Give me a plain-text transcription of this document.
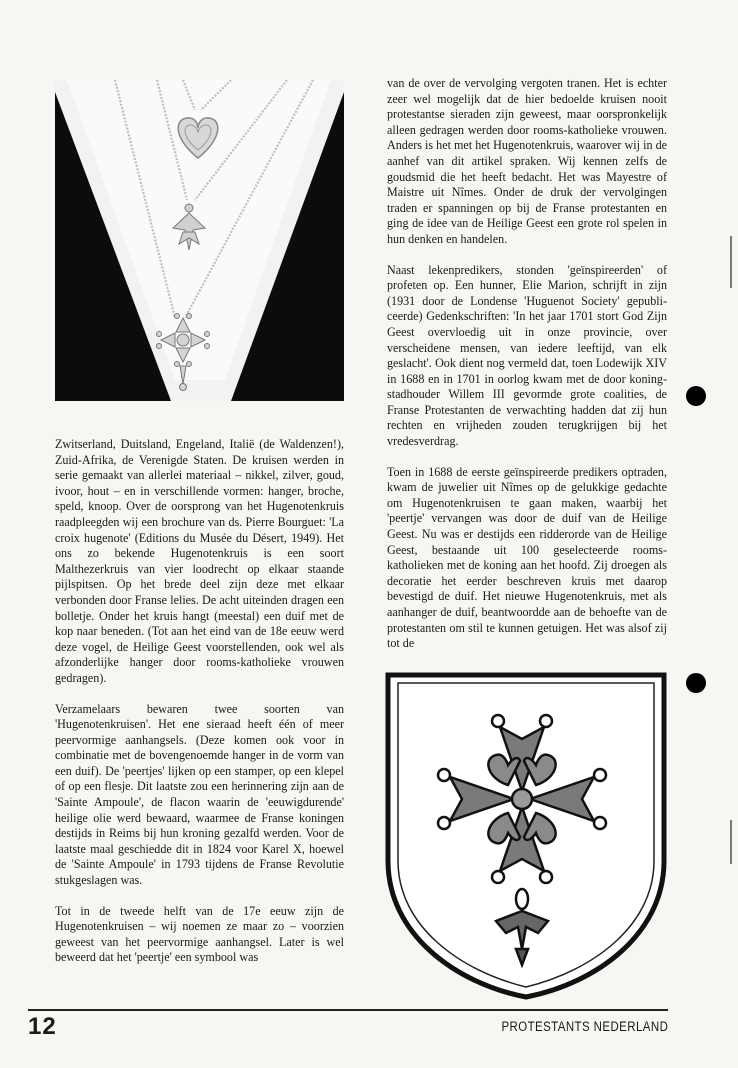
Zwitserland, Duitsland, Engeland, Italië (de Waldenzen!), Zuid-Afrika, de Verenigde Staten. De kruisen werden in serie gemaakt van allerlei materiaal – nikkel, zilver, goud, ivoor, hout – en in verschillende vormen: hanger, broche, speld, knoop. Over de oorsprong van het Hugenotenkruis raadpleegden wij een brochure van ds. Pierre Bourguet: 'La croix hugenote' (Editions du Musée du Désert, 1949). Het ons zo bekende Hugenotenkruis is een soort Malthezerkruis van vier loodrecht op elkaar staande pijlspitsen. Op het brede deel zijn deze met elkaar verbonden door Franse lelies. De acht uiteinden dragen een bolletje. Onder het kruis hangt (meestal) een duif met de kop naar beneden. (Tot aan het eind van de 18e eeuw werd deze vogel, de Heilige Geest voorstellenden, ook wel als afzonderlijke hanger door rooms-katholieke vrouwen gedragen).

Verzamelaars bewaren twee soorten van 'Hugenotenkruisen'. Het ene sieraad heeft één of meer peervormige aanhangsels. (Deze komen ook voor in combinatie met de bovengenoemde hanger in de vorm van een duif). De 'peertjes' lijken op een stamper, op een klepel of op een flesje. Dit laatste zou een herinnering zijn aan de 'Sainte Ampoule', de flacon waarin de 'eeuwigdurende' heilige olie werd bewaard, waarmee de Franse koningen destijds in Reims bij hun kroning gezalfd werden. Voor de laatste maal geschiedde dit in 1824 voor Karel X, hoewel de 'Sainte Ampoule' in 1793 tijdens de Franse Revolutie stukgeslagen was.

Tot in de tweede helft van de 17e eeuw zijn de Hugenotenkruisen – wij noemen ze maar zo – voorzien geweest van het peervormige aanhangsel. Later is wel beweerd dat het 'peertje' een symbool was

van de over de vervolging vergoten tranen. Het is echter zeer wel mogelijk dat de hier bedoelde kruisen nooit protestantse sieraden zijn geweest, maar oorspronkelijk alleen gedragen werden door rooms-katholieke vrouwen. Anders is het met het Hugenotenkruis, waarover wij in de aanhef van dit artikel spraken. Wij kennen zelfs de goudsmid die het heeft bedacht. Het was Mayestre of Maistre uit Nîmes. Onder de druk der vervolgingen traden er spanningen op bij de Franse protestanten en ging de idee van de Heilige Geest een grote rol spelen in hun denken en handelen.

Naast lekenpredikers, stonden 'geïnspireerden' of profeten op. Een hunner, Elie Marion, schrijft in zijn (1931 door de Londense 'Huguenot Society' gepubliceerde) Gedenkschriften: 'In het jaar 1701 stort God Zijn Geest overvloedig uit in onze provincie, over verscheidene mensen, van iedere leeftijd, van elk geslacht'. Ook dient nog vermeld dat, toen Lodewijk XIV in 1688 en in 1701 in oorlog kwam met de door koning-stadhouder Willem III gevormde grote coalities, de Franse Protestanten de verwachting hadden dat zij hun rechten en vrijheden zouden terugkrijgen bij het vredesverdrag.

Toen in 1688 de eerste geïnspireerde predikers optraden, kwam de juwelier uit Nîmes op de gelukkige gedachte om Hugenotenkruisen te gaan maken, waarbij het 'peertje' vervangen was door de duif van de Heilige Geest. Nu was er destijds een ridderorde van de Heilige Geest, bestaande uit 100 geselecteerde rooms-katholieken met de koning aan het hoofd. Zij droegen als decoratie het eerder beschreven kruis met daarop bevestigd de duif. Het nieuwe Hugenotenkruis, met als aanhanger de duif, beantwoordde aan de behoefte van de protestanten om stil te kunnen getuigen. Het was alsof zij tot de

12	PROTESTANTS NEDERLAND
